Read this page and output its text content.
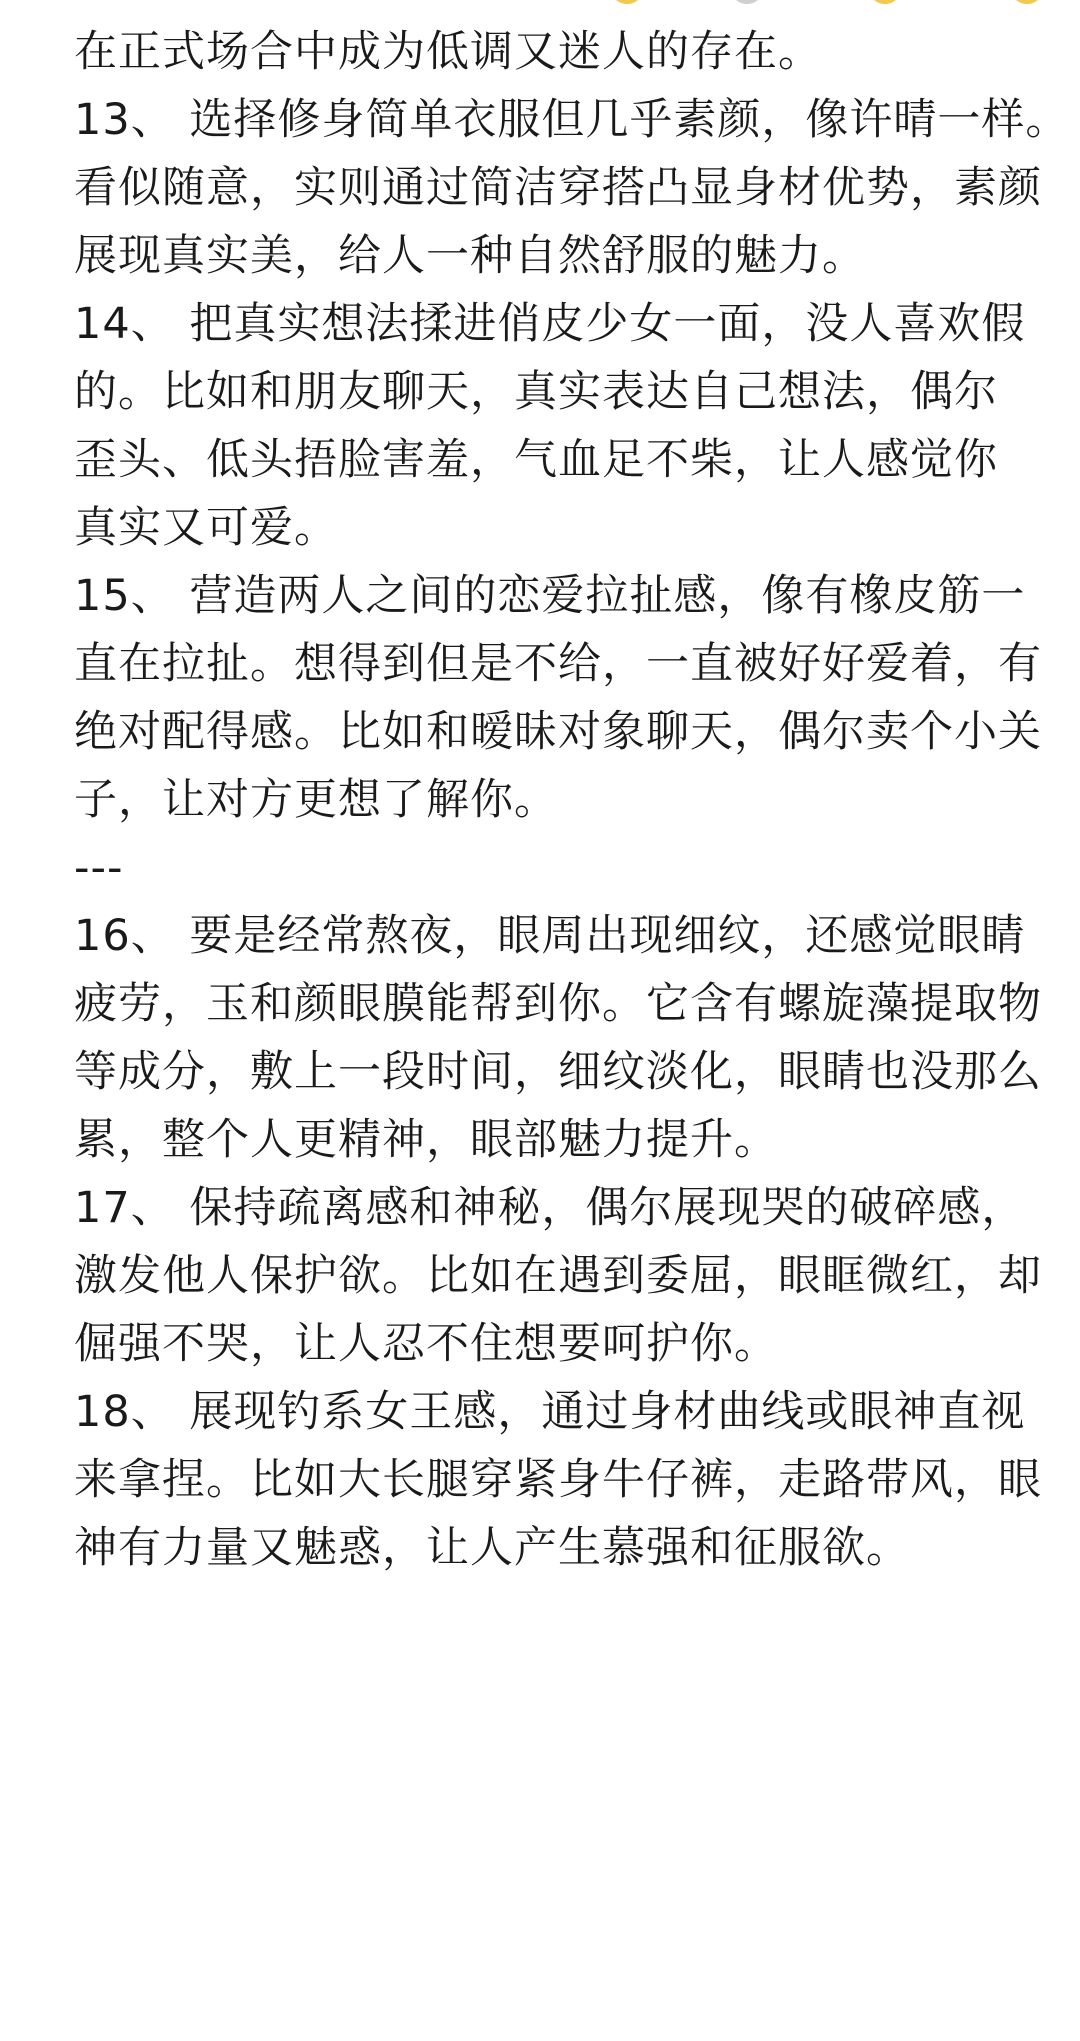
在正式场合中成为低调又迷人的存在。
13、 选择修身简单衣服但几乎素颜，像许晴一样。
看似随意，实则通过简洁穿搭凸显身材优势，素颜
展现真实美，给人一种自然舒服的魅力。
14、 把真实想法揉进俏皮少女一面，没人喜欢假
的。比如和朋友聊天，真实表达自己想法，偶尔
歪头、低头捂脸害羞，气血足不柴，让人感觉你
真实又可爱。
15、 营造两人之间的恋爱拉扯感，像有橡皮筋一
直在拉扯。想得到但是不给，一直被好好爱着，有
绝对配得感。比如和暧昧对象聊天，偶尔卖个小关
子，让对方更想了解你。
---
16、 要是经常熬夜，眼周出现细纹，还感觉眼睛
疲劳，玉和颜眼膜能帮到你。它含有螺旋藻提取物
等成分，敷上一段时间，细纹淡化，眼睛也没那么
累，整个人更精神，眼部魅力提升。
17、 保持疏离感和神秘，偶尔展现哭的破碎感，
激发他人保护欲。比如在遇到委屈，眼眶微红，却
倔强不哭，让人忍不住想要呵护你。
18、 展现钓系女王感，通过身材曲线或眼神直视
来拿捏。比如大长腿穿紧身牛仔裤，走路带风，眼
神有力量又魅惑，让人产生慕强和征服欲。
